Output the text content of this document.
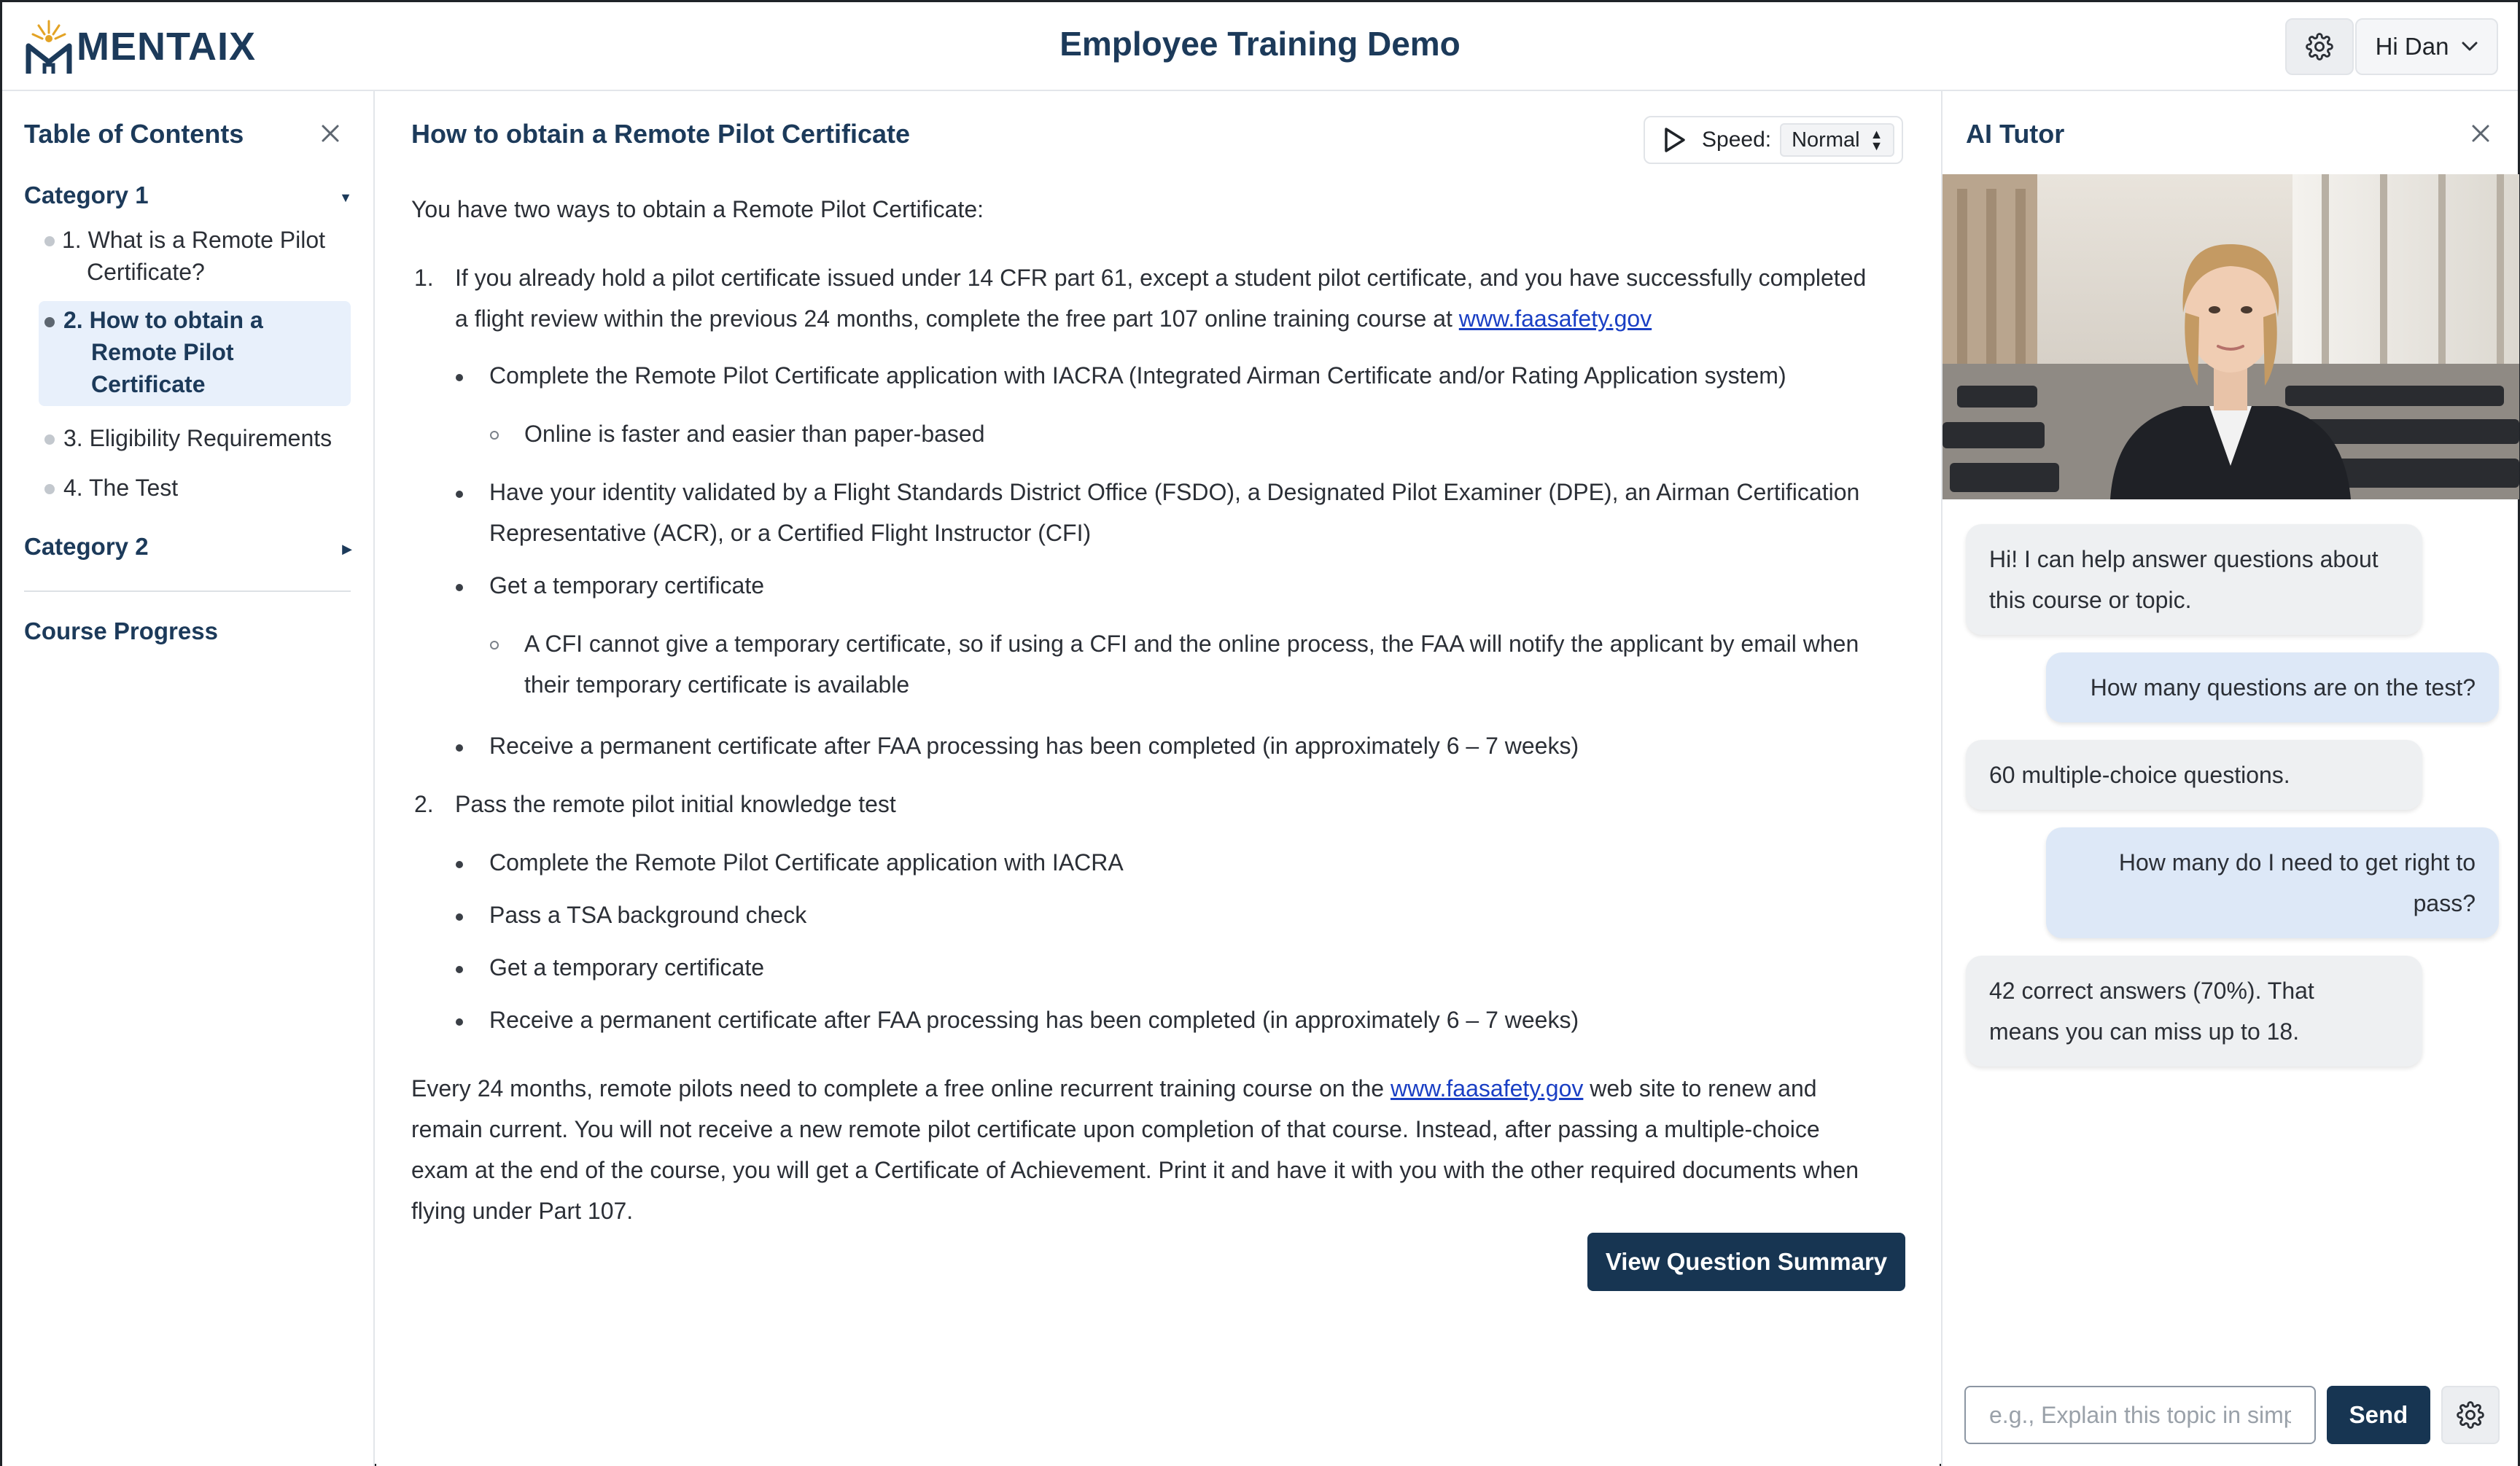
MENTAIX	Employee Training Demo	Hi Dan
Table of Contents
Category 1	▼
1. What is a Remote Pilot
Certificate?
2. How to obtain a
Remote Pilot
Certificate
3. Eligibility Requirements
4. The Test
Category 2	▶
Course Progress
How to obtain a Remote Pilot Certificate	Speed: Normal ▲
▼
You have two ways to obtain a Remote Pilot Certificate:
1. If you already hold a pilot certificate issued under 14 CFR part 61, except a student pilot certificate, and you have successfully completed
a flight review within the previous 24 months, complete the free part 107 online training course at www.faasafety.gov
Complete the Remote Pilot Certificate application with IACRA (Integrated Airman Certificate and/or Rating Application system)
Online is faster and easier than paper-based
Have your identity validated by a Flight Standards District Office (FSDO), a Designated Pilot Examiner (DPE), an Airman Certification
Representative (ACR), or a Certified Flight Instructor (CFI)
Get a temporary certificate
A CFI cannot give a temporary certificate, so if using a CFI and the online process, the FAA will notify the applicant by email when
their temporary certificate is available
Receive a permanent certificate after FAA processing has been completed (in approximately 6 – 7 weeks)
2. Pass the remote pilot initial knowledge test
Complete the Remote Pilot Certificate application with IACRA
Pass a TSA background check
Get a temporary certificate
Receive a permanent certificate after FAA processing has been completed (in approximately 6 – 7 weeks)
Every 24 months, remote pilots need to complete a free online recurrent training course on the www.faasafety.gov web site to renew and
remain current. You will not receive a new remote pilot certificate upon completion of that course. Instead, after passing a multiple-choice
exam at the end of the course, you will get a Certificate of Achievement. Print it and have it with you with the other required documents when
flying under Part 107.
View Question Summary
AI Tutor
Hi! I can help answer questions about
this course or topic.
How many questions are on the test?
60 multiple-choice questions.
How many do I need to get right to
pass?
42 correct answers (70%). That
means you can miss up to 18.
e.g., Explain this topic in simple terms
Send
